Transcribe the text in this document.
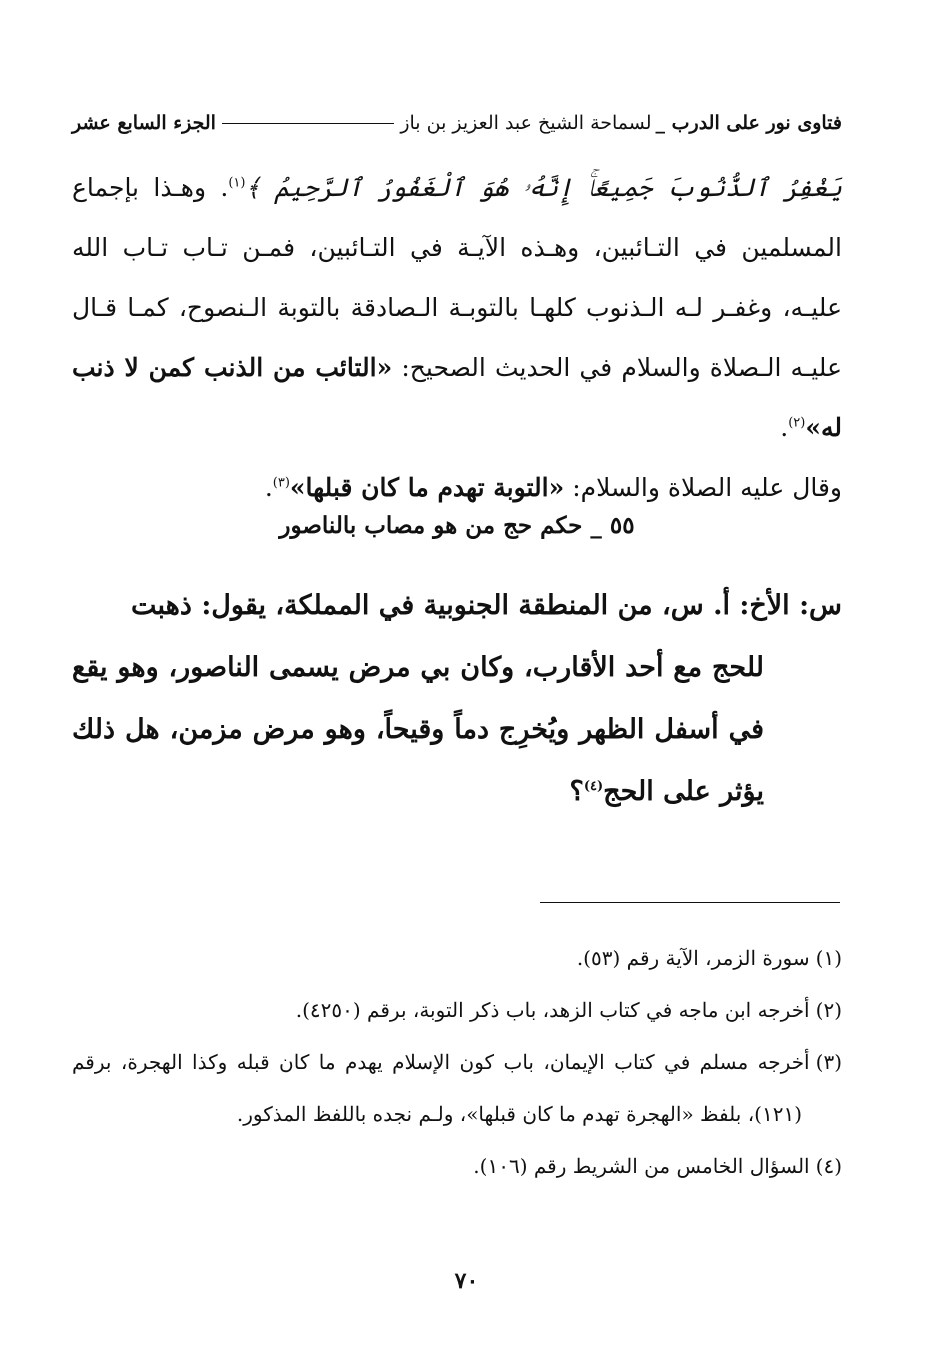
فتاوى نور على الدرب _
لسماحة الشيخ عبد العزيز بن باز
الجزء السابع عشر

يَغْفِرُ ٱلذُّنُوبَ جَمِيعًاۚ إِنَّهُۥ هُوَ ٱلْغَفُورُ ٱلرَّحِيمُ ﴾$^{(١)}$. وهـذا بإجماع المسلمين في التـائبين، وهـذه الآيـة في التـائبين، فمـن تـاب تـاب الله عليـه، وغفـر لـه الـذنوب كلهـا بالتوبـة الـصادقة بالتوبة الـنصوح، كمـا قـال عليـه الـصلاة والسلام في الحديث الصحيح: «التائب من الذنب كمن لا ذنب له»$^{(٢)}$.

وقال عليه الصلاة والسلام: «التوبة تهدم ما كان قبلها»$^{(٣)}$.

٥٥ _ حكم حج من هو مصاب بالناصور
س: الأخ: أ. س، من المنطقة الجنوبية في المملكة، يقول: ذهبت
للحج مع أحد الأقارب، وكان بي مرض يسمى الناصور، وهو يقع في أسفل الظهر ويُخرِج دماً وقيحاً، وهو مرض مزمن، هل ذلك يؤثر على الحج$^{(٤)}$؟

(١)سورة الزمر، الآية رقم (٥٣).

(٢)أخرجه ابن ماجه في كتاب الزهد، باب ذكر التوبة، برقم (٤٢٥٠).

(٣)أخرجه مسلم في كتاب الإيمان، باب كون الإسلام يهدم ما كان قبله وكذا الهجرة، برقم (١٢١)، بلفظ «الهجرة تهدم ما كان قبلها»، ولـم نجده باللفظ المذكور.

(٤)السؤال الخامس من الشريط رقم (١٠٦).

٧٠
